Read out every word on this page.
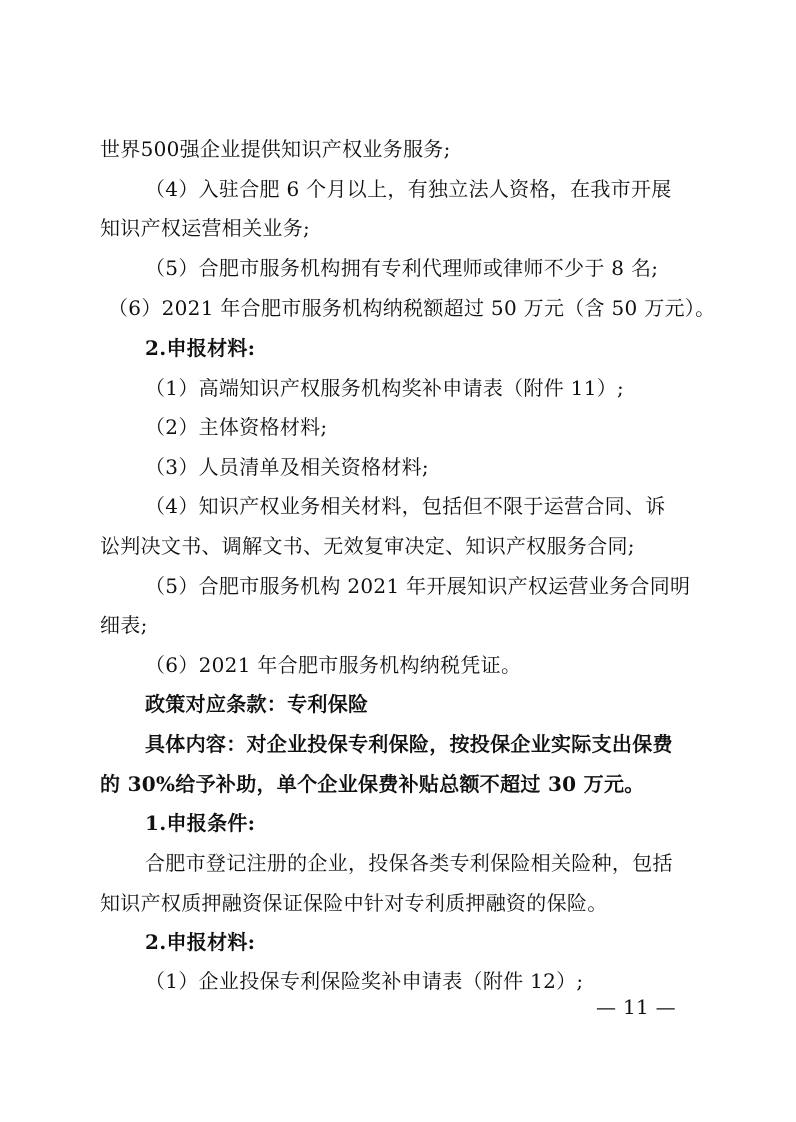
世界500强企业提供知识产权业务服务;
（4）入驻合肥 6 个月以上，有独立法人资格，在我市开展
知识产权运营相关业务;
（5）合肥市服务机构拥有专利代理师或律师不少于 8 名;
（6）2021 年合肥市服务机构纳税额超过 50 万元（含 50 万元）。
2.申报材料:
（1）高端知识产权服务机构奖补申请表（附件 11）;
（2）主体资格材料;
（3）人员清单及相关资格材料;
（4）知识产权业务相关材料，包括但不限于运营合同、诉
讼判决文书、调解文书、无效复审决定、知识产权服务合同;
（5）合肥市服务机构 2021 年开展知识产权运营业务合同明
细表;
（6）2021 年合肥市服务机构纳税凭证。
政策对应条款：专利保险
具体内容：对企业投保专利保险，按投保企业实际支出保费
的 30%给予补助，单个企业保费补贴总额不超过 30 万元。
1.申报条件:
合肥市登记注册的企业，投保各类专利保险相关险种，包括
知识产权质押融资保证保险中针对专利质押融资的保险。
2.申报材料:
（1）企业投保专利保险奖补申请表（附件 12）;
— 11 —
